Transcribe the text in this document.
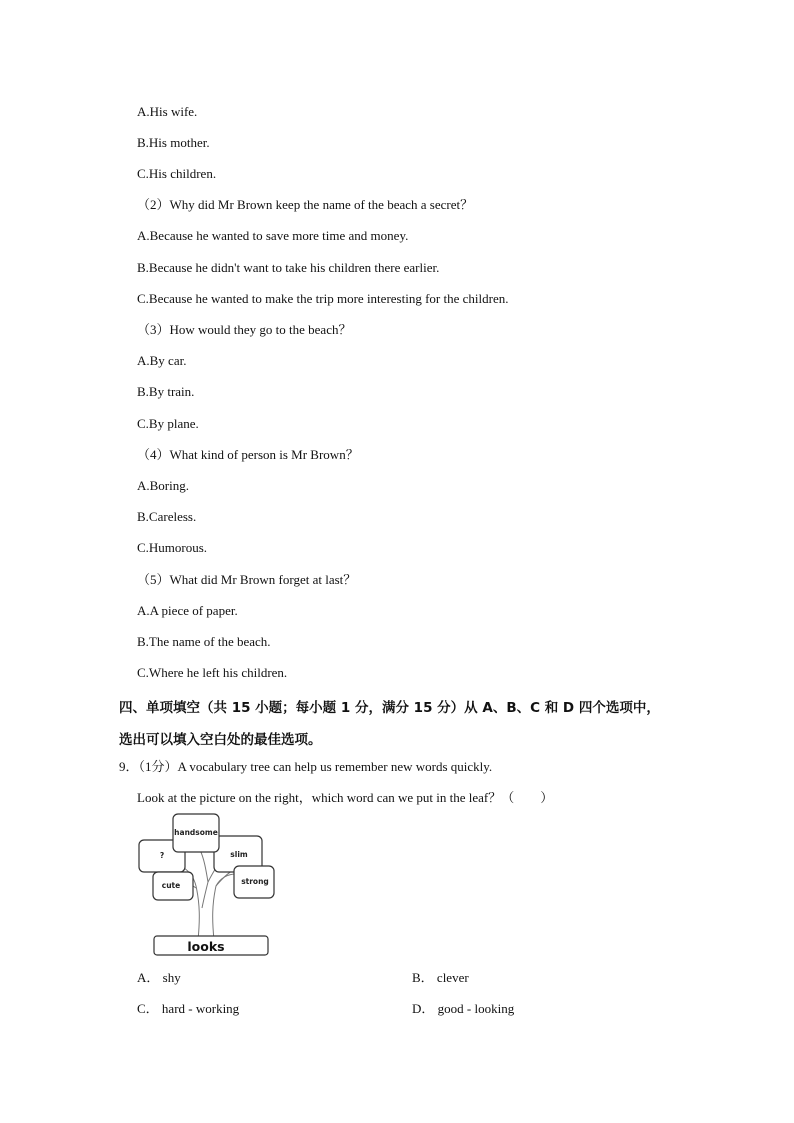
A.His wife.
B.His mother.
C.His children.
（2）Why did Mr Brown keep the name of the beach a secret？
A.Because he wanted to save more time and money.
B.Because he didn't want to take his children there earlier.
C.Because he wanted to make the trip more interesting for the children.
（3）How would they go to the beach？
A.By car.
B.By train.
C.By plane.
（4）What kind of person is Mr Brown？
A.Boring.
B.Careless.
C.Humorous.
（5）What did Mr Brown forget at last？
A.A piece of paper.
B.The name of the beach.
C.Where he left his children.
四、单项填空（共 15 小题；每小题 1 分，满分 15 分）从 A、B、C 和 D 四个选项中，
选出可以填入空白处的最佳选项。
9．（1分）A vocabulary tree can help us remember new words quickly.
Look at the picture on the right，which word can we put in the leaf？（　　）
handsome
?	slim
cute	strong
looks
A． shy	B． clever
C． hard - working	D． good - looking
